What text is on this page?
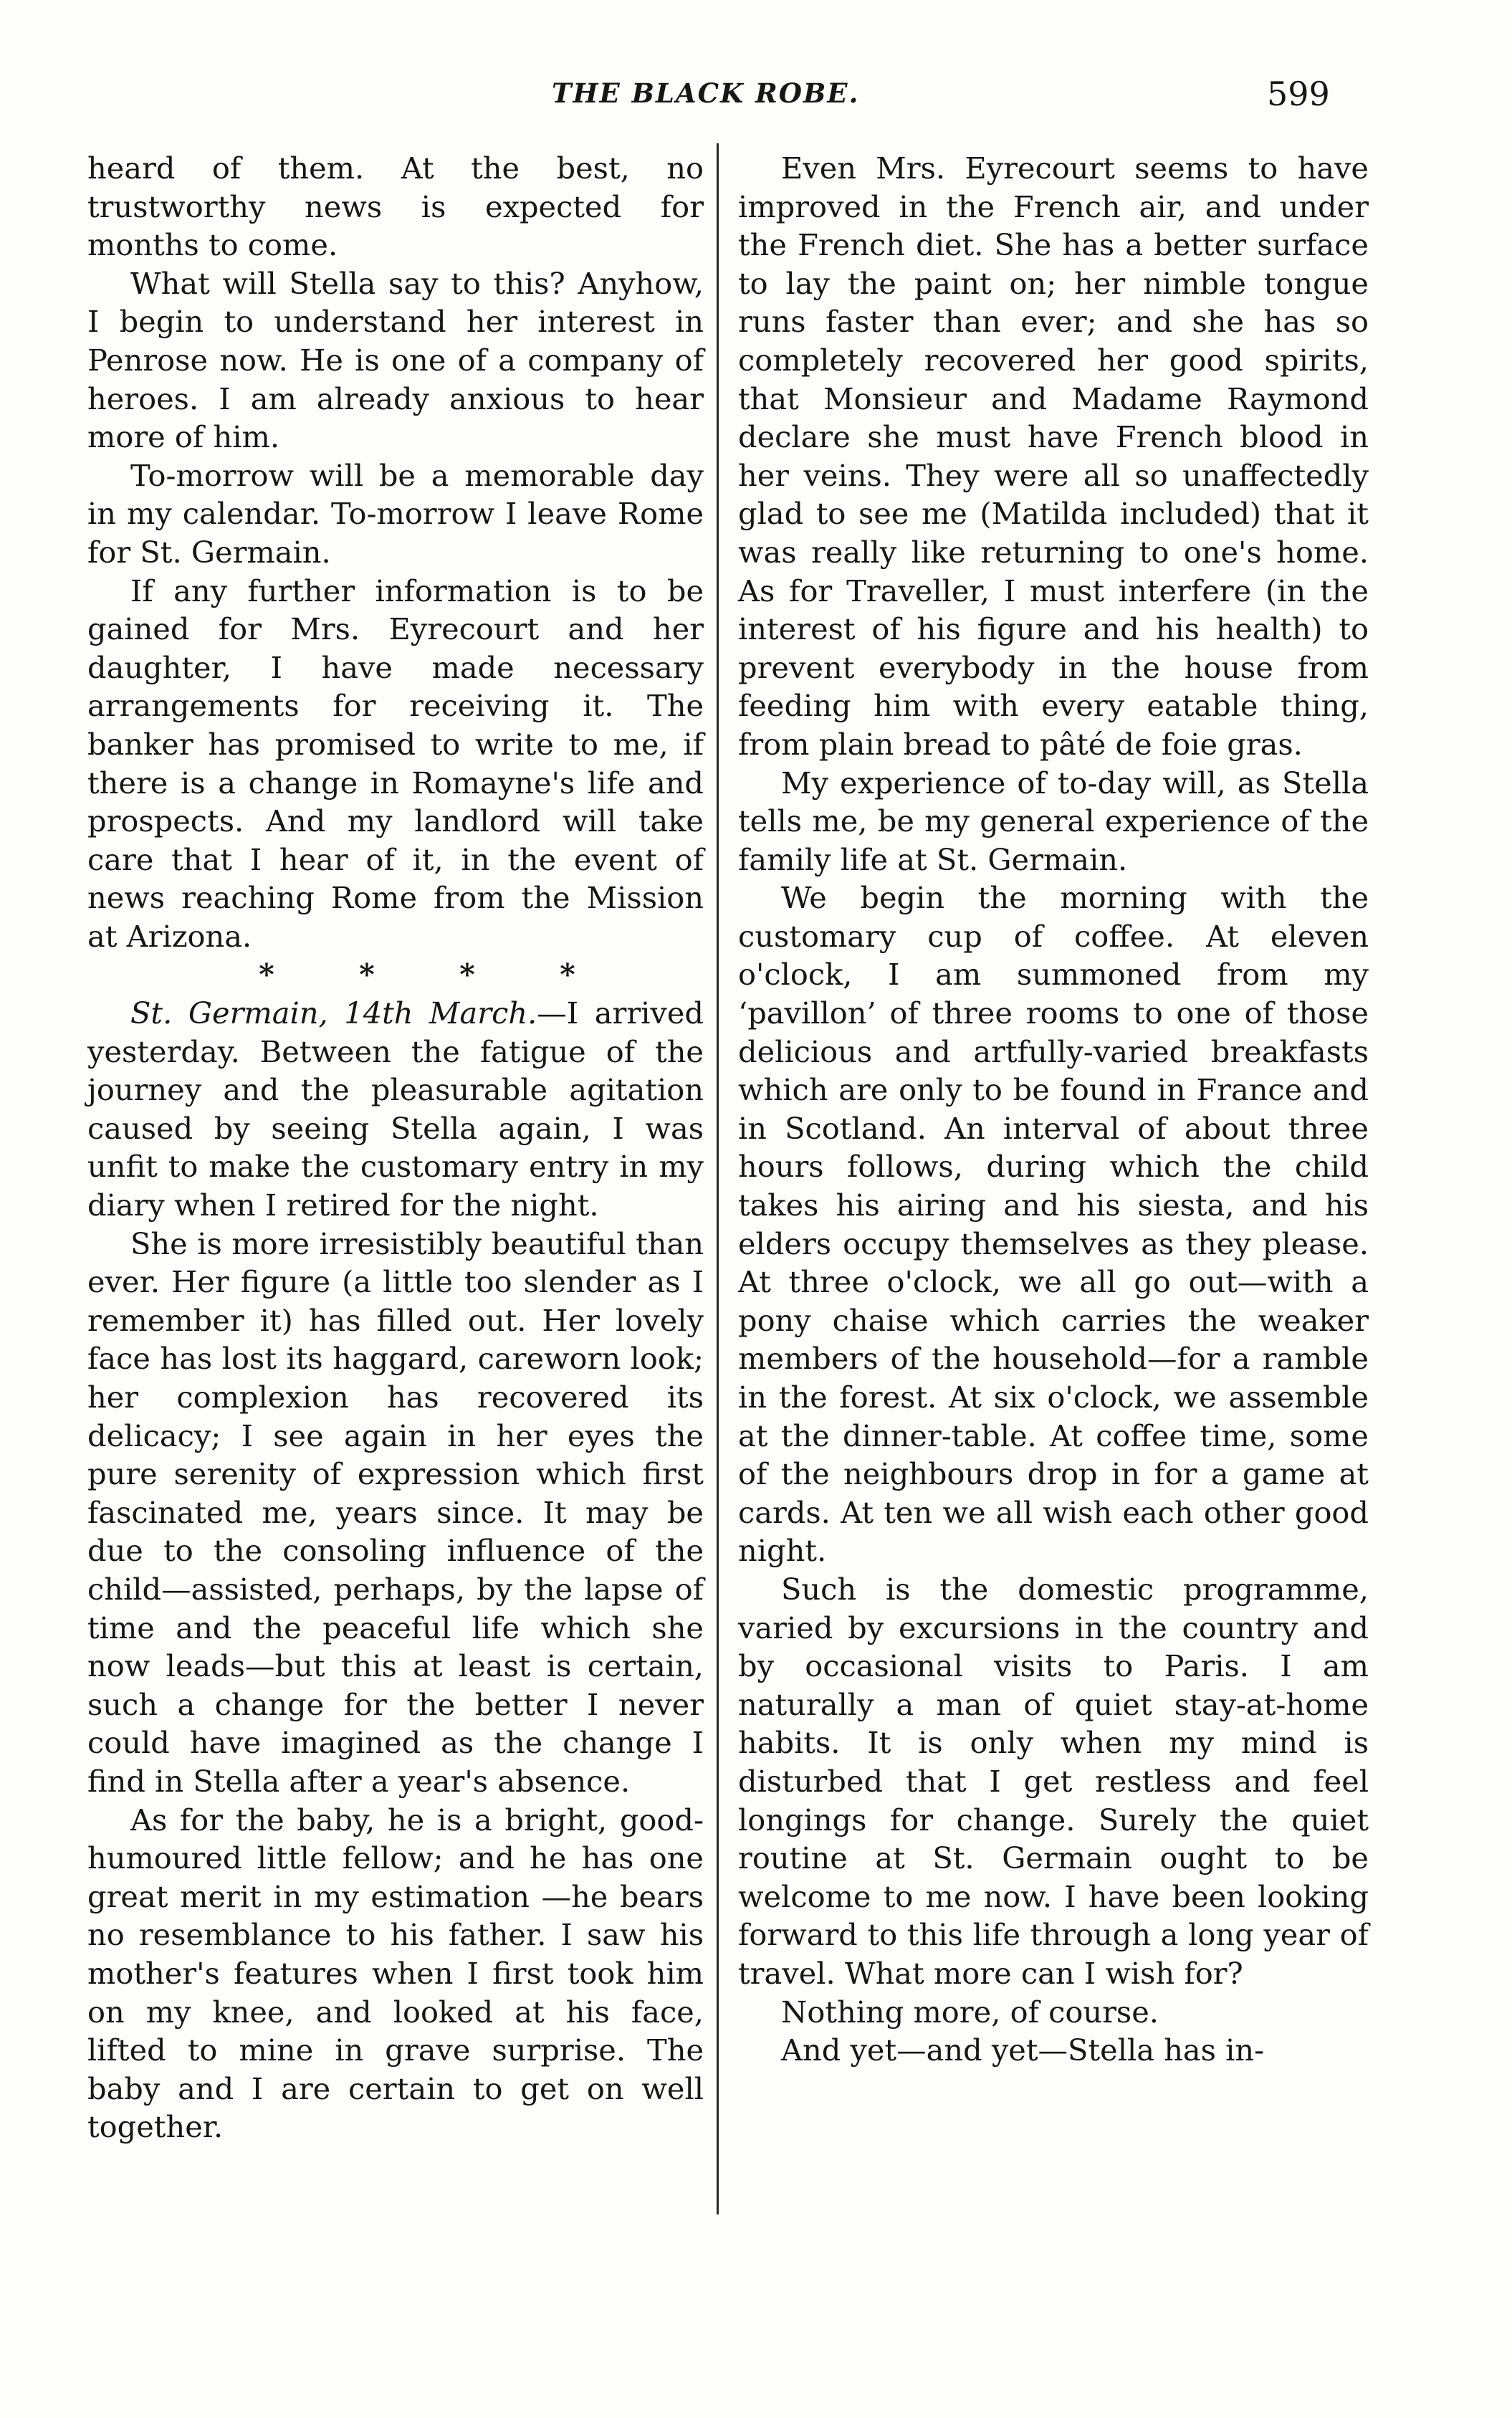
THE BLACK ROBE.	599

heard of them. At the best, no trustworthy news is expected for months to come.

What will Stella say to this? Anyhow, I begin to understand her interest in Penrose now. He is one of a company of heroes. I am already anxious to hear more of him.

To-morrow will be a memorable day in my calendar. To-morrow I leave Rome for St. Germain.

If any further information is to be gained for Mrs. Eyrecourt and her daughter, I have made necessary arrangements for receiving it. The banker has promised to write to me, if there is a change in Romayne's life and prospects. And my landlord will take care that I hear of it, in the event of news reaching Rome from the Mission at Arizona.

*	*	*	*

St. Germain, 14th March.—I arrived yesterday. Between the fatigue of the journey and the pleasurable agitation caused by seeing Stella again, I was unfit to make the customary entry in my diary when I retired for the night.

She is more irresistibly beautiful than ever. Her figure (a little too slender as I remember it) has filled out. Her lovely face has lost its haggard, careworn look; her complexion has recovered its delicacy; I see again in her eyes the pure serenity of expression which first fascinated me, years since. It may be due to the consoling influence of the child—assisted, perhaps, by the lapse of time and the peaceful life which she now leads—but this at least is certain, such a change for the better I never could have imagined as the change I find in Stella after a year's absence.

As for the baby, he is a bright, good-humoured little fellow; and he has one great merit in my estimation —he bears no resemblance to his father. I saw his mother's features when I first took him on my knee, and looked at his face, lifted to mine in grave surprise. The baby and I are certain to get on well together.

Even Mrs. Eyrecourt seems to have improved in the French air, and under the French diet. She has a better surface to lay the paint on; her nimble tongue runs faster than ever; and she has so completely recovered her good spirits, that Monsieur and Madame Raymond declare she must have French blood in her veins. They were all so unaffectedly glad to see me (Matilda included) that it was really like returning to one's home. As for Traveller, I must interfere (in the interest of his figure and his health) to prevent everybody in the house from feeding him with every eatable thing, from plain bread to pâté de foie gras.

My experience of to-day will, as Stella tells me, be my general experience of the family life at St. Germain.

We begin the morning with the customary cup of coffee. At eleven o'clock, I am summoned from my ‘pavillon’ of three rooms to one of those delicious and artfully-varied breakfasts which are only to be found in France and in Scotland. An interval of about three hours follows, during which the child takes his airing and his siesta, and his elders occupy themselves as they please. At three o'clock, we all go out—with a pony chaise which carries the weaker members of the household—for a ramble in the forest. At six o'clock, we assemble at the dinner-table. At coffee time, some of the neighbours drop in for a game at cards. At ten we all wish each other good night.

Such is the domestic programme, varied by excursions in the country and by occasional visits to Paris. I am naturally a man of quiet stay-at-home habits. It is only when my mind is disturbed that I get restless and feel longings for change. Surely the quiet routine at St. Germain ought to be welcome to me now. I have been looking forward to this life through a long year of travel. What more can I wish for?

Nothing more, of course.

And yet—and yet—Stella has in-
